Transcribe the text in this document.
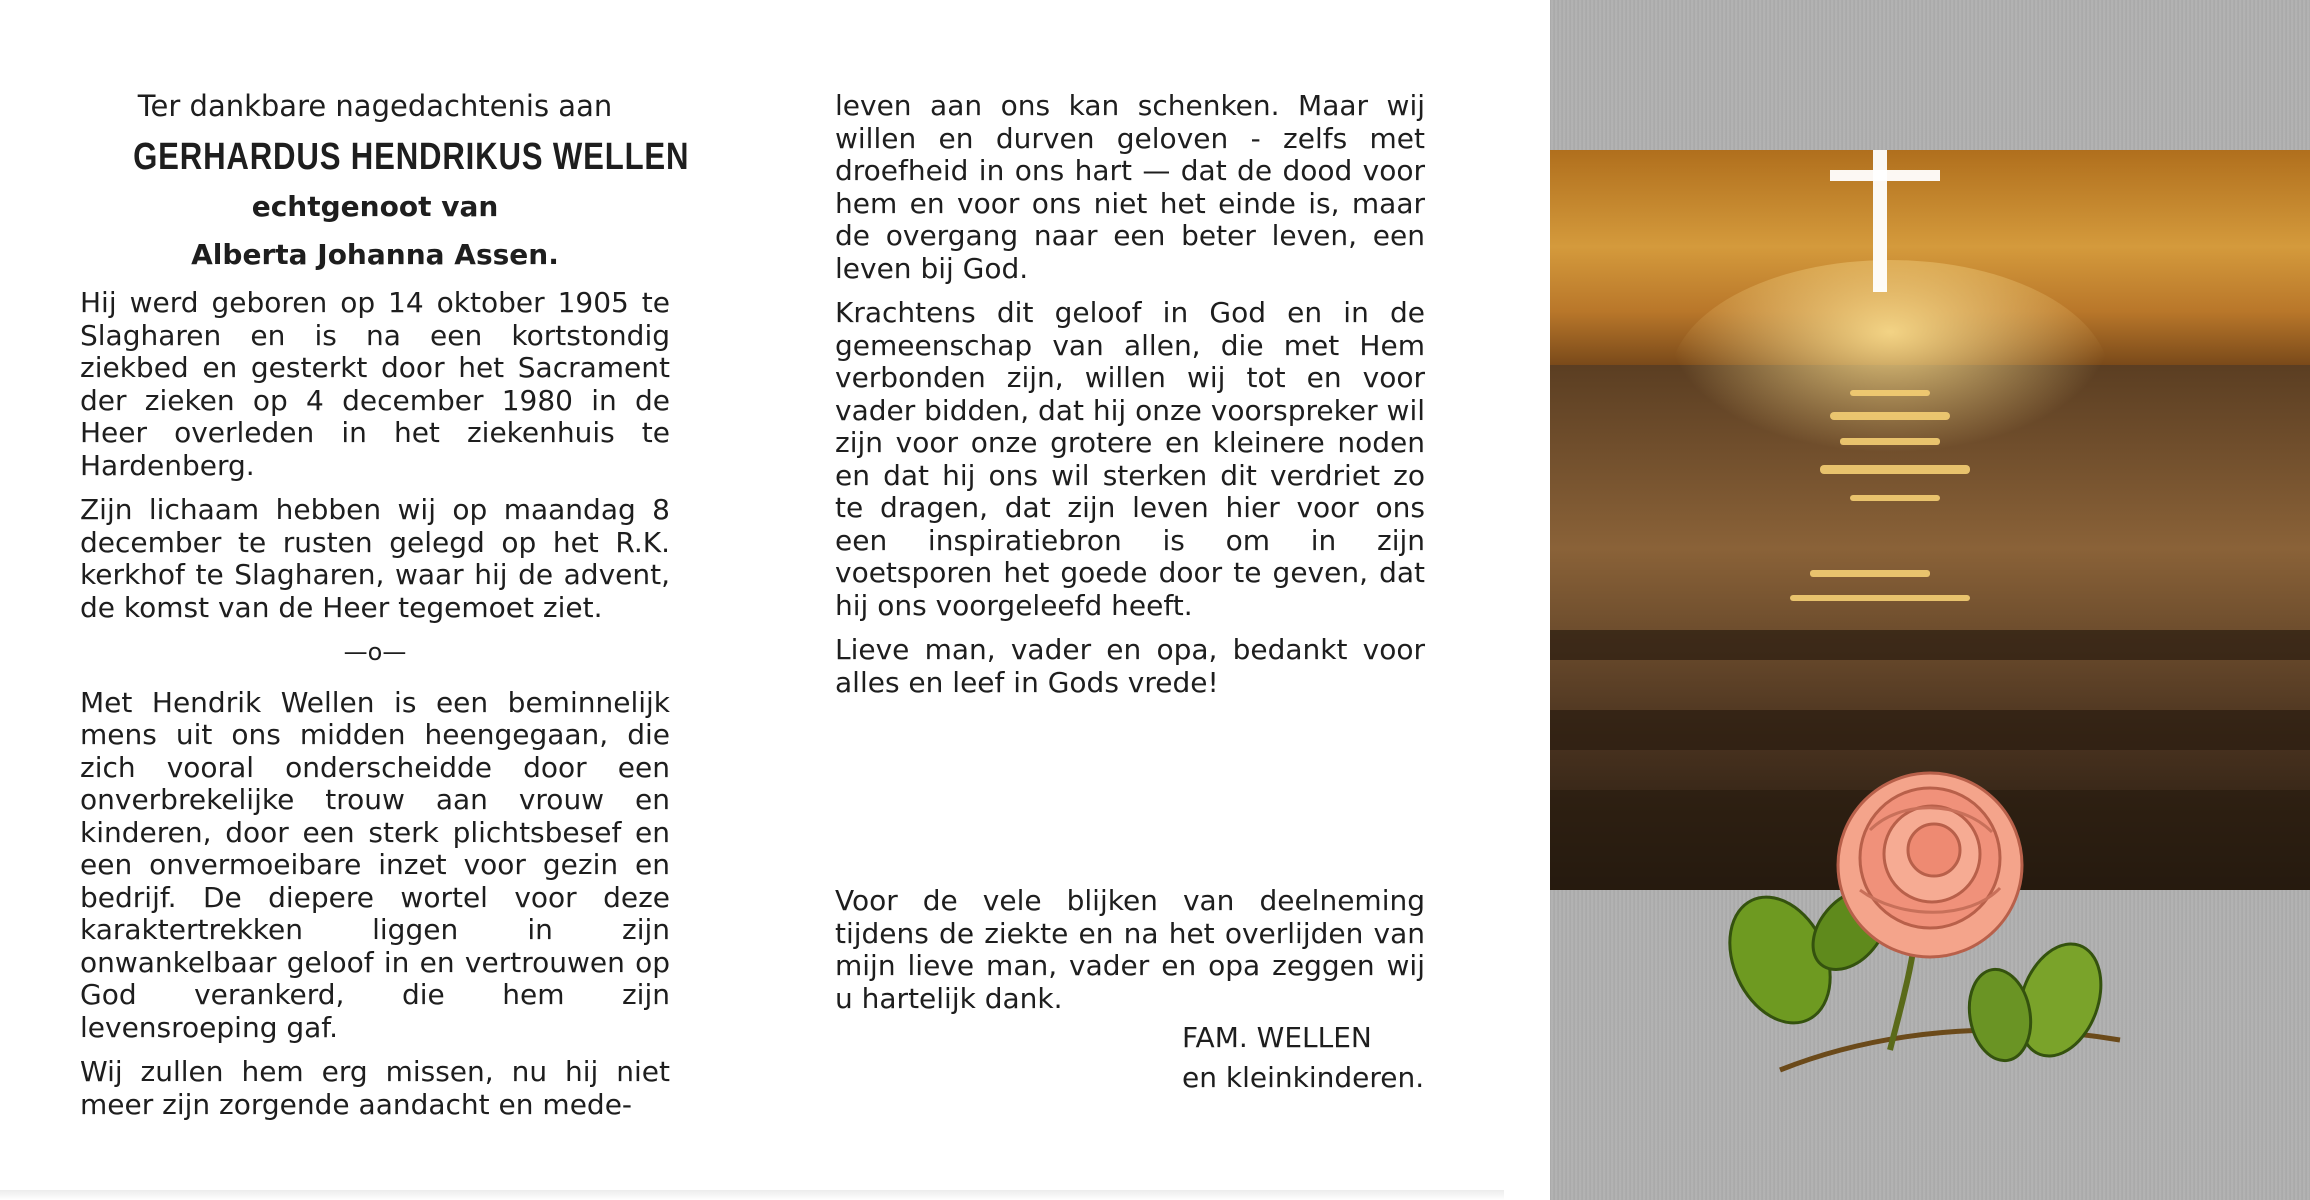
Ter dankbare nagedachtenis aan

GERHARDUS HENDRIKUS WELLEN

echtgenoot van

Alberta Johanna Assen.

Hij werd geboren op 14 oktober 1905 te Slagharen en is na een kortstondig ziekbed en gesterkt door het Sacrament der zieken op 4 december 1980 in de Heer overleden in het ziekenhuis te Hardenberg.

Zijn lichaam hebben wij op maandag 8 december te rusten gelegd op het R.K. kerkhof te Slagharen, waar hij de advent, de komst van de Heer tegemoet ziet.

—o—

Met Hendrik Wellen is een beminnelijk mens uit ons midden heengegaan, die zich vooral onderscheidde door een onverbrekelijke trouw aan vrouw en kinderen, door een sterk plichtsbesef en een onvermoeibare inzet voor gezin en bedrijf. De diepere wortel voor deze karaktertrekken liggen in zijn onwankelbaar geloof in en vertrouwen op God verankerd, die hem zijn levensroeping gaf.

Wij zullen hem erg missen, nu hij niet meer zijn zorgende aandacht en mede-

leven aan ons kan schenken. Maar wij willen en durven geloven - zelfs met droefheid in ons hart — dat de dood voor hem en voor ons niet het einde is, maar de overgang naar een beter leven, een leven bij God.

Krachtens dit geloof in God en in de gemeenschap van allen, die met Hem verbonden zijn, willen wij tot en voor vader bidden, dat hij onze voorspreker wil zijn voor onze grotere en kleinere noden en dat hij ons wil sterken dit verdriet zo te dragen, dat zijn leven hier voor ons een inspiratiebron is om in zijn voetsporen het goede door te geven, dat hij ons voorgeleefd heeft.

Lieve man, vader en opa, bedankt voor alles en leef in Gods vrede!

Voor de vele blijken van deelneming tijdens de ziekte en na het overlijden van mijn lieve man, vader en opa zeggen wij u hartelijk dank.

FAM. WELLEN
en kleinkinderen.
